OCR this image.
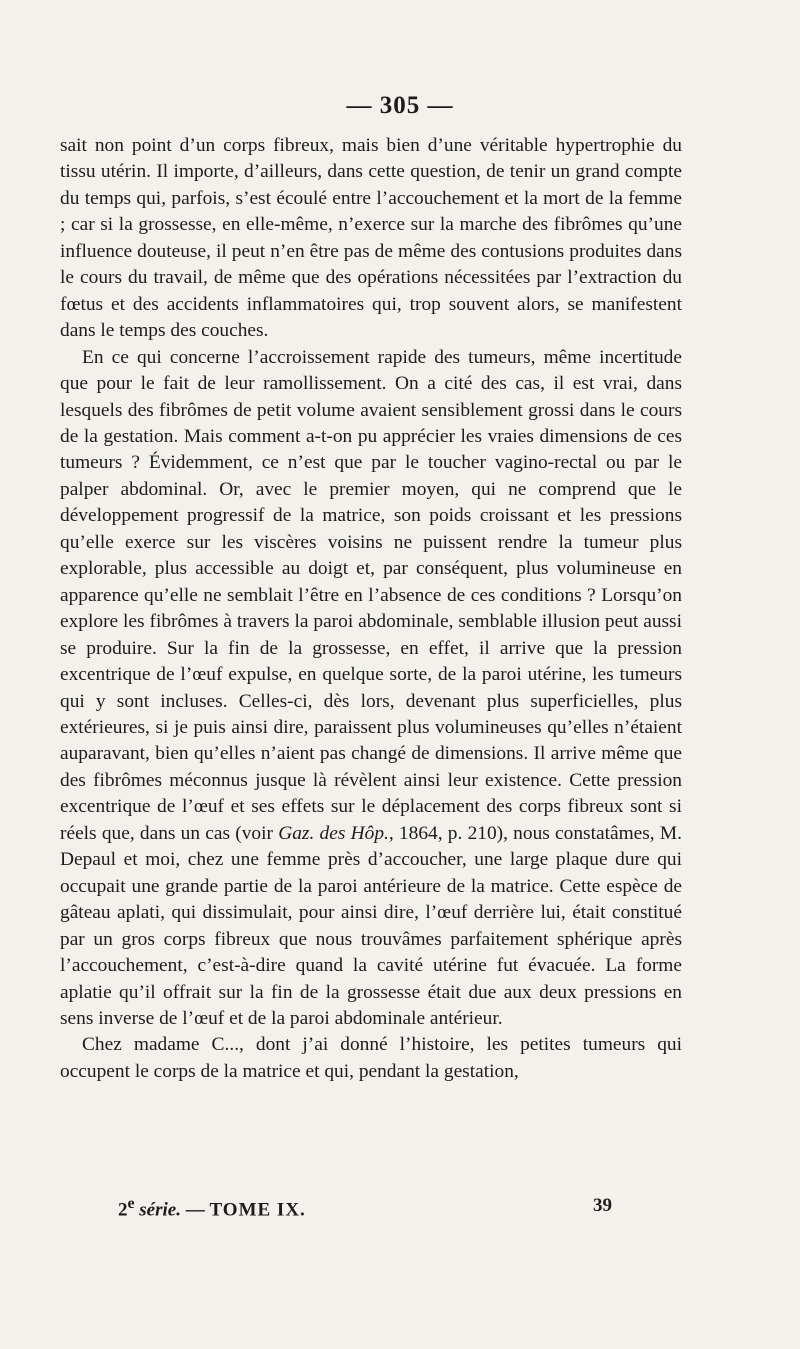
— 305 —

sait non point d’un corps fibreux, mais bien d’une véritable hypertrophie du tissu utérin. Il importe, d’ailleurs, dans cette question, de tenir un grand compte du temps qui, parfois, s’est écoulé entre l’accouchement et la mort de la femme ; car si la grossesse, en elle-même, n’exerce sur la marche des fibrômes qu’une influence douteuse, il peut n’en être pas de même des contusions produites dans le cours du travail, de même que des opérations nécessitées par l’extraction du fœtus et des accidents inflammatoires qui, trop souvent alors, se manifestent dans le temps des couches.

En ce qui concerne l’accroissement rapide des tumeurs, même incertitude que pour le fait de leur ramollissement. On a cité des cas, il est vrai, dans lesquels des fibrômes de petit volume avaient sensiblement grossi dans le cours de la gestation. Mais comment a-t-on pu apprécier les vraies dimensions de ces tumeurs ? Évidemment, ce n’est que par le toucher vagino-rectal ou par le palper abdominal. Or, avec le premier moyen, qui ne comprend que le développement progressif de la matrice, son poids croissant et les pressions qu’elle exerce sur les viscères voisins ne puissent rendre la tumeur plus explorable, plus accessible au doigt et, par conséquent, plus volumineuse en apparence qu’elle ne semblait l’être en l’absence de ces conditions ? Lorsqu’on explore les fibrômes à travers la paroi abdominale, semblable illusion peut aussi se produire. Sur la fin de la grossesse, en effet, il arrive que la pression excentrique de l’œuf expulse, en quelque sorte, de la paroi utérine, les tumeurs qui y sont incluses. Celles-ci, dès lors, devenant plus superficielles, plus extérieures, si je puis ainsi dire, paraissent plus volumineuses qu’elles n’étaient auparavant, bien qu’elles n’aient pas changé de dimensions. Il arrive même que des fibrômes méconnus jusque là révèlent ainsi leur existence. Cette pression excentrique de l’œuf et ses effets sur le déplacement des corps fibreux sont si réels que, dans un cas (voir Gaz. des Hôp., 1864, p. 210), nous constatâmes, M. Depaul et moi, chez une femme près d’accoucher, une large plaque dure qui occupait une grande partie de la paroi antérieure de la matrice. Cette espèce de gâteau aplati, qui dissimulait, pour ainsi dire, l’œuf derrière lui, était constitué par un gros corps fibreux que nous trouvâmes parfaitement sphérique après l’accouchement, c’est-à-dire quand la cavité utérine fut évacuée. La forme aplatie qu’il offrait sur la fin de la grossesse était due aux deux pressions en sens inverse de l’œuf et de la paroi abdominale antérieur.

Chez madame C..., dont j’ai donné l’histoire, les petites tumeurs qui occupent le corps de la matrice et qui, pendant la gestation,

2e série. — TOME IX.	39
